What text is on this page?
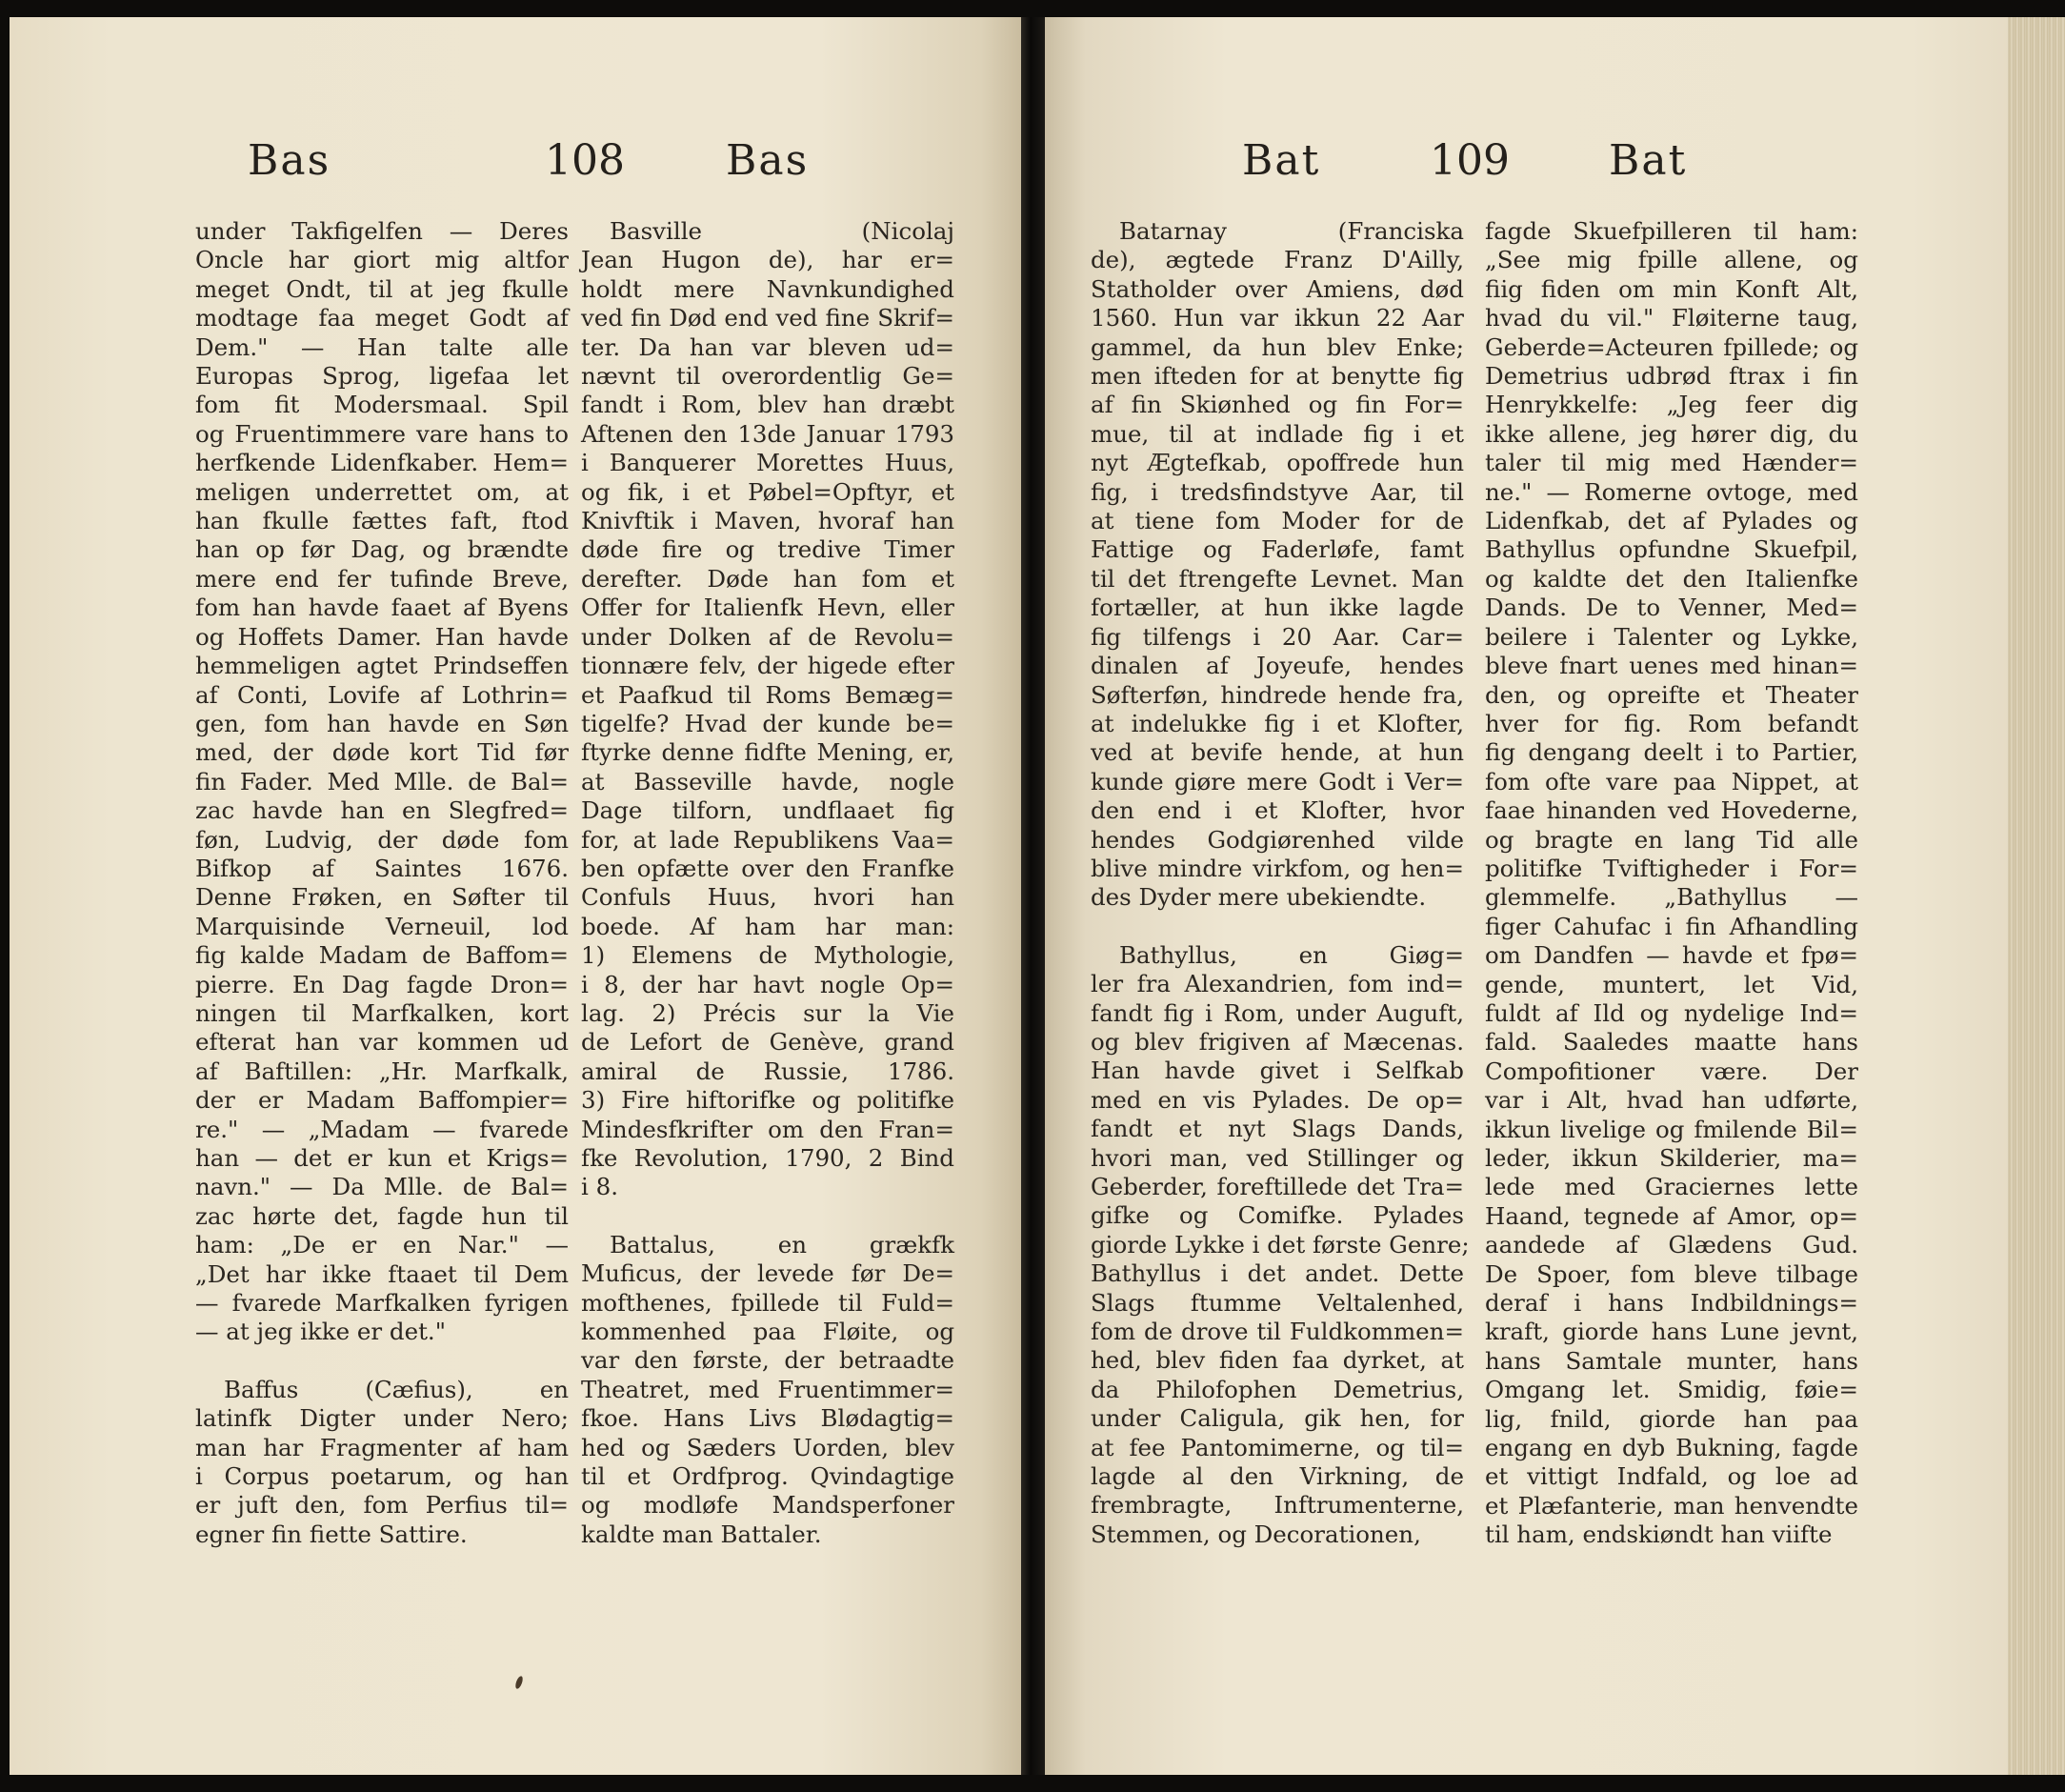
Bas	108 Bas
under Takfigelfen — Deres
Oncle har giort mig altfor
meget Ondt, til at jeg fkulle
modtage faa meget Godt af
Dem." — Han talte alle
Europas Sprog, ligefaa let
fom fit Modersmaal. Spil
og Fruentimmere vare hans to
herfkende Lidenfkaber. Hem=
meligen underrettet om, at
han fkulle fættes faft, ftod
han op før Dag, og brændte
mere end fer tufinde Breve,
fom han havde faaet af Byens
og Hoffets Damer. Han havde
hemmeligen agtet Prindseffen
af Conti, Lovife af Lothrin=
gen, fom han havde en Søn
med, der døde kort Tid før
fin Fader. Med Mlle. de Bal=
zac havde han en Slegfred=
føn, Ludvig, der døde fom
Bifkop af Saintes 1676.
Denne Frøken, en Søfter til
Marquisinde Verneuil, lod
fig kalde Madam de Baffom=
pierre. En Dag fagde Dron=
ningen til Marfkalken, kort
efterat han var kommen ud
af Baftillen: „Hr. Marfkalk,
der er Madam Baffompier=
re." — „Madam — fvarede
han — det er kun et Krigs=
navn." — Da Mlle. de Bal=
zac hørte det, fagde hun til
ham: „De er en Nar." —
„Det har ikke ftaaet til Dem
— fvarede Marfkalken fyrigen
— at jeg ikke er det."
Baffus (Cæfius), en
latinfk Digter under Nero;
man har Fragmenter af ham
i Corpus poetarum, og han
er juft den, fom Perfius til=
egner fin fiette Sattire.
Basville (Nicolaj
Jean Hugon de), har er=
holdt mere Navnkundighed
ved fin Død end ved fine Skrif=
ter. Da han var bleven ud=
nævnt til overordentlig Ge=
fandt i Rom, blev han dræbt
Aftenen den 13de Januar 1793
i Banquerer Morettes Huus,
og fik, i et Pøbel=Opftyr, et
Knivftik i Maven, hvoraf han
døde fire og tredive Timer
derefter. Døde han fom et
Offer for Italienfk Hevn, eller
under Dolken af de Revolu=
tionnære felv, der higede efter
et Paafkud til Roms Bemæg=
tigelfe? Hvad der kunde be=
ftyrke denne fidfte Mening, er,
at Basseville havde, nogle
Dage tilforn, undflaaet fig
for, at lade Republikens Vaa=
ben opfætte over den Franfke
Confuls Huus, hvori han
boede. Af ham har man:
1) Elemens de Mythologie,
i 8, der har havt nogle Op=
lag. 2) Précis sur la Vie
de Lefort de Genève, grand
amiral de Russie, 1786.
3) Fire hiftorifke og politifke
Mindesfkrifter om den Fran=
fke Revolution, 1790, 2 Bind
i 8.
Battalus, en grækfk
Muficus, der levede før De=
mofthenes, fpillede til Fuld=
kommenhed paa Fløite, og
var den første, der betraadte
Theatret, med Fruentimmer=
fkoe. Hans Livs Blødagtig=
hed og Sæders Uorden, blev
til et Ordfprog. Qvindagtige
og modløfe Mandsperfoner
kaldte man Battaler.
Bat	109 Bat
Batarnay (Franciska
de), ægtede Franz D'Ailly,
Statholder over Amiens, død
1560. Hun var ikkun 22 Aar
gammel, da hun blev Enke;
men ifteden for at benytte fig
af fin Skiønhed og fin For=
mue, til at indlade fig i et
nyt Ægtefkab, opoffrede hun
fig, i tredsfindstyve Aar, til
at tiene fom Moder for de
Fattige og Faderløfe, famt
til det ftrengefte Levnet. Man
fortæller, at hun ikke lagde
fig tilfengs i 20 Aar. Car=
dinalen af Joyeufe, hendes
Søfterføn, hindrede hende fra,
at indelukke fig i et Klofter,
ved at bevife hende, at hun
kunde giøre mere Godt i Ver=
den end i et Klofter, hvor
hendes Godgiørenhed vilde
blive mindre virkfom, og hen=
des Dyder mere ubekiendte.
Bathyllus, en Giøg=
ler fra Alexandrien, fom ind=
fandt fig i Rom, under Auguft,
og blev frigiven af Mæcenas.
Han havde givet i Selfkab
med en vis Pylades. De op=
fandt et nyt Slags Dands,
hvori man, ved Stillinger og
Geberder, foreftillede det Tra=
gifke og Comifke. Pylades
giorde Lykke i det første Genre;
Bathyllus i det andet. Dette
Slags ftumme Veltalenhed,
fom de drove til Fuldkommen=
hed, blev fiden faa dyrket, at
da Philofophen Demetrius,
under Caligula, gik hen, for
at fee Pantomimerne, og til=
lagde al den Virkning, de
frembragte, Inftrumenterne,
Stemmen, og Decorationen,
fagde Skuefpilleren til ham:
„See mig fpille allene, og
fiig fiden om min Konft Alt,
hvad du vil." Fløiterne taug,
Geberde=Acteuren fpillede; og
Demetrius udbrød ftrax i fin
Henrykkelfe: „Jeg feer dig
ikke allene, jeg hører dig, du
taler til mig med Hænder=
ne." — Romerne ovtoge, med
Lidenfkab, det af Pylades og
Bathyllus opfundne Skuefpil,
og kaldte det den Italienfke
Dands. De to Venner, Med=
beilere i Talenter og Lykke,
bleve fnart uenes med hinan=
den, og opreifte et Theater
hver for fig. Rom befandt
fig dengang deelt i to Partier,
fom ofte vare paa Nippet, at
faae hinanden ved Hovederne,
og bragte en lang Tid alle
politifke Tviftigheder i For=
glemmelfe. „Bathyllus —
figer Cahufac i fin Afhandling
om Dandfen — havde et fpø=
gende, muntert, let Vid,
fuldt af Ild og nydelige Ind=
fald. Saaledes maatte hans
Compofitioner være. Der
var i Alt, hvad han udførte,
ikkun livelige og fmilende Bil=
leder, ikkun Skilderier, ma=
lede med Graciernes lette
Haand, tegnede af Amor, op=
aandede af Glædens Gud.
De Spoer, fom bleve tilbage
deraf i hans Indbildnings=
kraft, giorde hans Lune jevnt,
hans Samtale munter, hans
Omgang let. Smidig, føie=
lig, fnild, giorde han paa
engang en dyb Bukning, fagde
et vittigt Indfald, og loe ad
et Plæfanterie, man henvendte
til ham, endskiøndt han viifte
